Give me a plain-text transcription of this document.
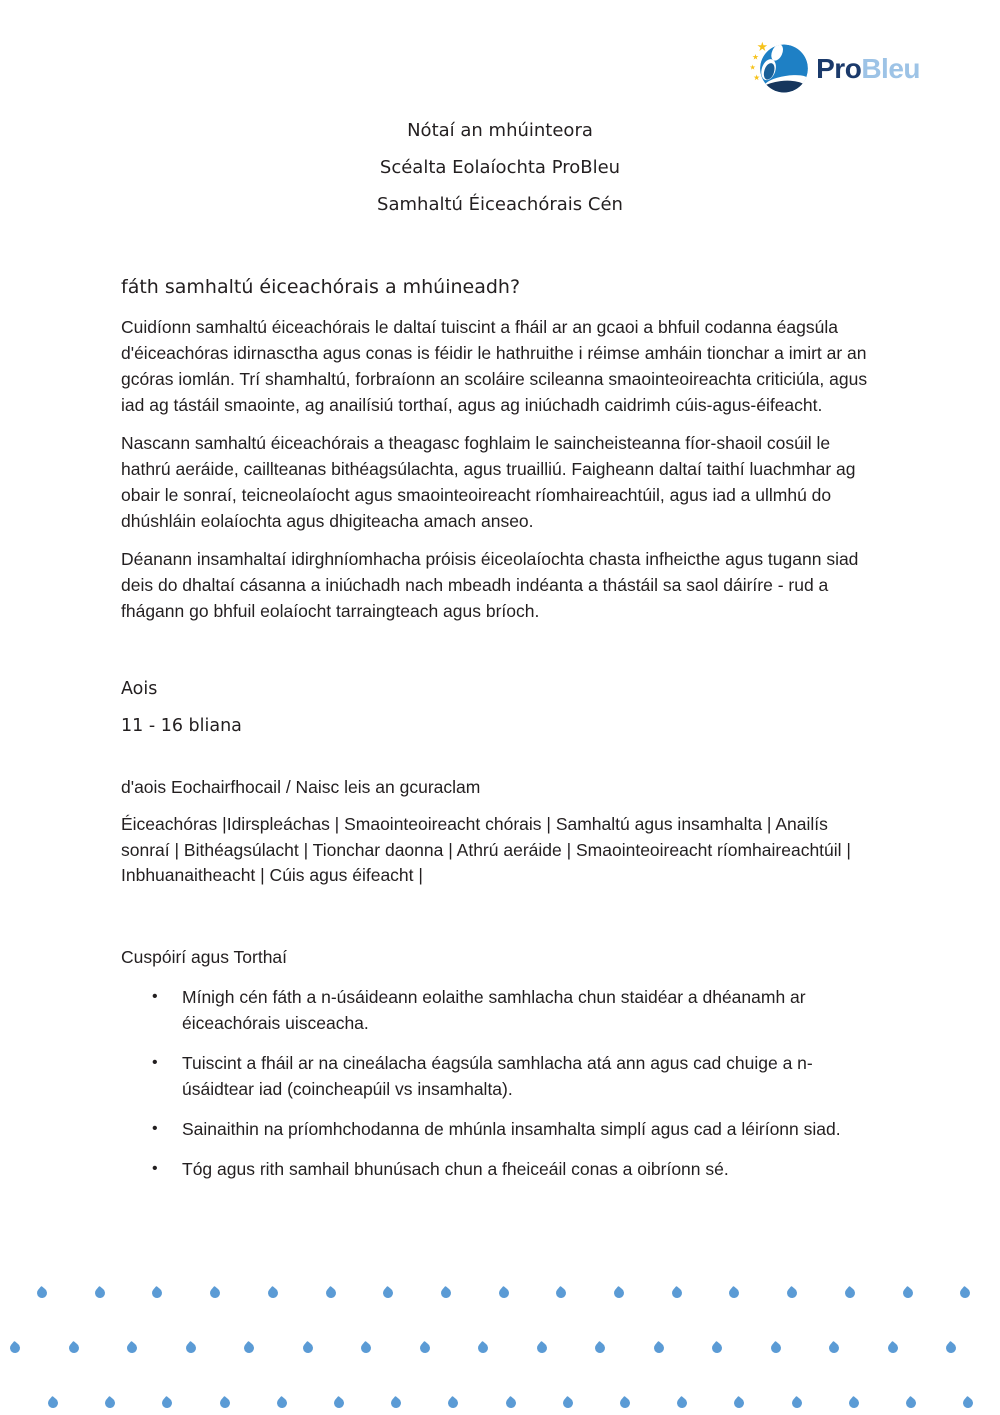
ProBleu

Nótaí an mhúinteora

Scéalta Eolaíochta ProBleu

Samhaltú Éiceachórais Cén

fáth samhaltú éiceachórais a mhúineadh?

Cuidíonn samhaltú éiceachórais le daltaí tuiscint a fháil ar an gcaoi a bhfuil codanna éagsúla d'éiceachóras idirnasctha agus conas is féidir le hathruithe i réimse amháin tionchar a imirt ar an gcóras iomlán. Trí shamhaltú, forbraíonn an scoláire scileanna smaointeoireachta criticiúla, agus iad ag tástáil smaointe, ag anailísiú torthaí, agus ag iniúchadh caidrimh cúis-agus-éifeacht.

Nascann samhaltú éiceachórais a theagasc foghlaim le saincheisteanna fíor-shaoil cosúil le hathrú aeráide, caillteanas bithéagsúlachta, agus truailliú. Faigheann daltaí taithí luachmhar ag obair le sonraí, teicneolaíocht agus smaointeoireacht ríomhaireachtúil, agus iad a ullmhú do dhúshláin eolaíochta agus dhigiteacha amach anseo.

Déanann insamhaltaí idirghníomhacha próisis éiceolaíochta chasta infheicthe agus tugann siad deis do dhaltaí cásanna a iniúchadh nach mbeadh indéanta a thástáil sa saol dáiríre - rud a fhágann go bhfuil eolaíocht tarraingteach agus bríoch.

Aois

11 - 16 bliana

d'aois Eochairfhocail / Naisc leis an gcuraclam

Éiceachóras |Idirspleáchas | Smaointeoireacht chórais | Samhaltú agus insamhalta | Anailís sonraí | Bithéagsúlacht | Tionchar daonna | Athrú aeráide | Smaointeoireacht ríomhaireachtúil | Inbhuanaitheacht | Cúis agus éifeacht |

Cuspóirí agus Torthaí
• Mínigh cén fáth a n-úsáideann eolaithe samhlacha chun staidéar a dhéanamh ar éiceachórais uisceacha.
• Tuiscint a fháil ar na cineálacha éagsúla samhlacha atá ann agus cad chuige a n-úsáidtear iad (coincheapúil vs insamhalta).
• Sainaithin na príomhchodanna de mhúnla insamhalta simplí agus cad a léiríonn siad.
• Tóg agus rith samhail bhunúsach chun a fheiceáil conas a oibríonn sé.
